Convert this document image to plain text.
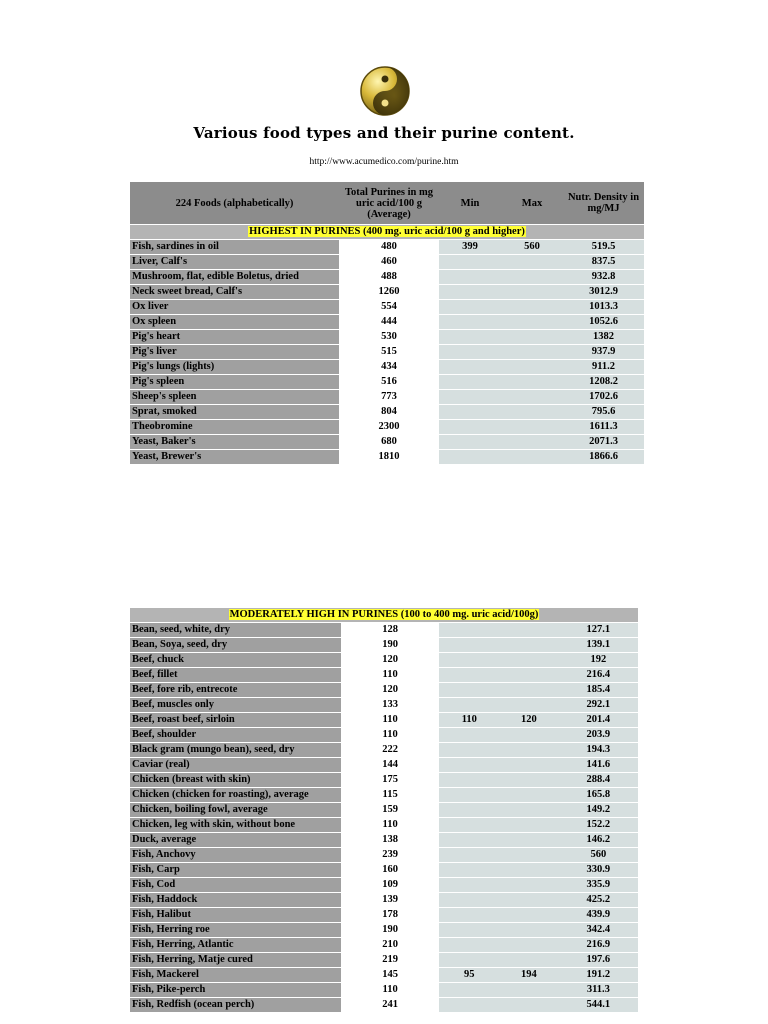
Various food types and their purine content.
http://www.acumedico.com/purine.htm
224 Foods (alphabetically)	Total Purines in mg uric acid/100 g (Average)	Min	Max	Nutr. Density in mg/MJ
HIGHEST IN PURINES (400 mg. uric acid/100 g and higher)				
Fish, sardines in oil	480	399	560	519.5
Liver, Calf's	460			837.5
Mushroom, flat, edible Boletus, dried	488			932.8
Neck sweet bread, Calf's	1260			3012.9
Ox liver	554			1013.3
Ox spleen	444			1052.6
Pig's heart	530			1382
Pig's liver	515			937.9
Pig's lungs (lights)	434			911.2
Pig's spleen	516			1208.2
Sheep's spleen	773			1702.6
Sprat, smoked	804			795.6
Theobromine	2300			1611.3
Yeast, Baker's	680			2071.3
Yeast, Brewer's	1810			1866.6
MODERATELY HIGH IN PURINES (100 to 400 mg. uric acid/100g)				
Bean, seed, white, dry	128			127.1
Bean, Soya, seed, dry	190			139.1
Beef, chuck	120			192
Beef, fillet	110			216.4
Beef, fore rib, entrecote	120			185.4
Beef, muscles only	133			292.1
Beef, roast beef, sirloin	110	110	120	201.4
Beef, shoulder	110			203.9
Black gram (mungo bean), seed, dry	222			194.3
Caviar (real)	144			141.6
Chicken (breast with skin)	175			288.4
Chicken (chicken for roasting), average	115			165.8
Chicken, boiling fowl, average	159			149.2
Chicken, leg with skin, without bone	110			152.2
Duck, average	138			146.2
Fish, Anchovy	239			560
Fish, Carp	160			330.9
Fish, Cod	109			335.9
Fish, Haddock	139			425.2
Fish, Halibut	178			439.9
Fish, Herring roe	190			342.4
Fish, Herring, Atlantic	210			216.9
Fish, Herring, Matje cured	219			197.6
Fish, Mackerel	145	95	194	191.2
Fish, Pike-perch	110			311.3
Fish, Redfish (ocean perch)	241			544.1
